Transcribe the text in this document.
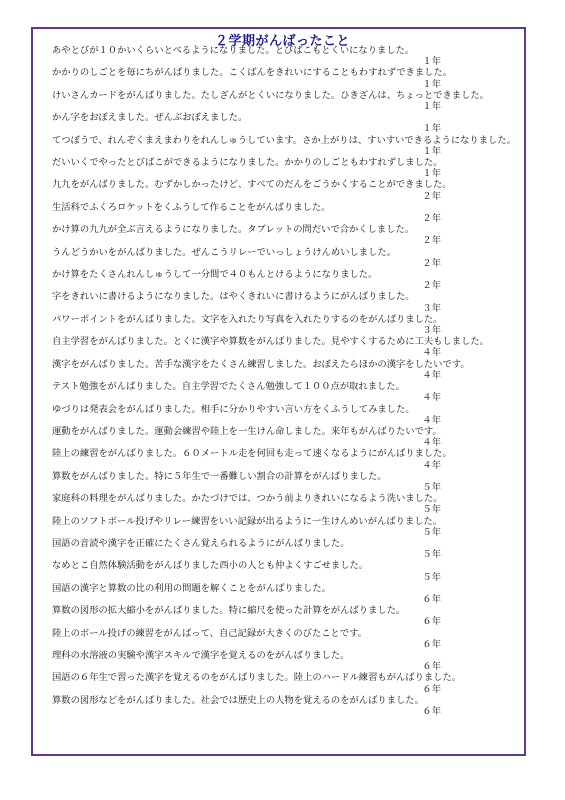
２学期がんばったこと
あやとびが１０かいくらいとべるようになりました。とびばこもとくいになりました。
１年
かかりのしごとを毎にちがんばりました。こくばんをきれいにすることもわすれずできました。
１年
けいさんカードをがんばりました。たしざんがとくいになりました。ひきざんは、ちょっとできました。
１年
かん字をおぼえました。ぜんぶおぼえました。
１年
てつぼうで、れんぞくまえまわりをれんしゅうしています。さか上がりは、すいすいできるようになりました。
１年
だいいくでやったとびばこができるようになりました。かかりのしごともわすれずしました。
１年
九九をがんばりました。むずかしかったけど、すべてのだんをごうかくすることができました。
２年
生活科でふくろロケットをくふうして作ることをがんばりました。
２年
かけ算の九九が全ぶ言えるようになりました。タブレットの問だいで合かくしました。
２年
うんどうかいをがんばりました。ぜんこうリレーでいっしょうけんめいしました。
２年
かけ算をたくさんれんしゅうして一分間で４０もんとけるようになりました。
２年
字をきれいに書けるようになりました。はやくきれいに書けるようにがんばりました。
３年
パワーポイントをがんばりました。文字を入れたり写真を入れたりするのをがんばりました。
３年
自主学習をがんばりました。とくに漢字や算数をがんばりました。見やすくするために工夫もしました。
４年
漢字をがんばりました。苦手な漢字をたくさん練習しました。おぼえたらほかの漢字をしたいです。
４年
テスト勉強をがんばりました。自主学習でたくさん勉強して１００点が取れました。
４年
ゆづりは発表会をがんばりました。相手に分かりやすい言い方をくふうしてみました。
４年
運動をがんばりました。運動会練習や陸上を一生けん命しました。来年もがんばりたいです。
４年
陸上の練習をがんばりました。６０メートル走を何回も走って速くなるようにがんばりました。
４年
算数をがんばりました。特に５年生で一番難しい割合の計算をがんばりました。
５年
家庭科の料理をがんばりました。かたづけでは、つかう前よりきれいになるよう洗いました。
５年
陸上のソフトボール投げやリレー練習をいい記録が出るように一生けんめいがんばりました。
５年
国語の音読や漢字を正確にたくさん覚えられるようにがんばりました。
５年
なめとこ自然体験活動をがんばりました西小の人とも仲よくすごせました。
５年
国語の漢字と算数の比の利用の問題を解くことをがんばりました。
６年
算数の図形の拡大縮小をがんばりました。特に縮尺を使った計算をがんばりました。
６年
陸上のボール投げの練習をがんばって、自己記録が大きくのびたことです。
６年
理科の水溶液の実験や漢字スキルで漢字を覚えるのをがんばりました。
６年
国語の６年生で習った漢字を覚えるのをがんばりました。陸上のハードル練習もがんばりました。
６年
算数の図形などをがんばりました。社会では歴史上の人物を覚えるのをがんばりました。
６年
